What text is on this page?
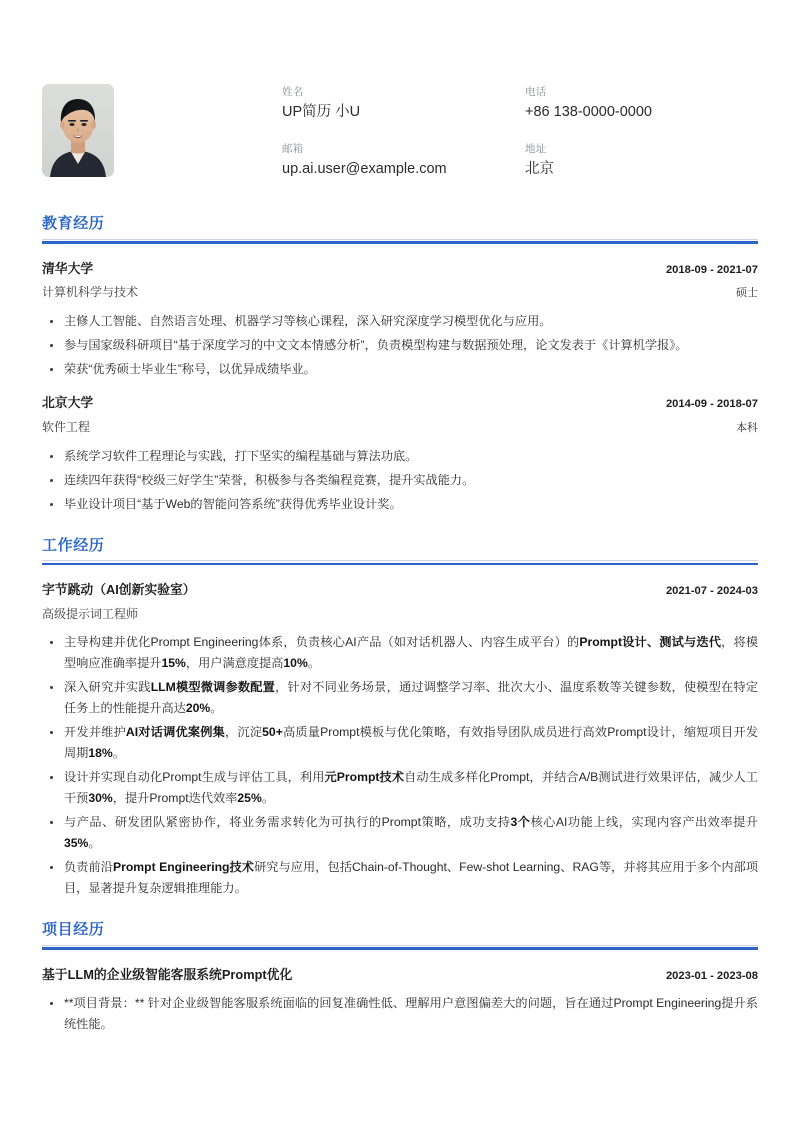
姓名
UP简历 小U
电话
+86 138-0000-0000
邮箱
up.ai.user@example.com
地址
北京
教育经历
清华大学	2018-09 - 2021-07
计算机科学与技术	硕士
主修人工智能、自然语言处理、机器学习等核心课程，深入研究深度学习模型优化与应用。
参与国家级科研项目“基于深度学习的中文文本情感分析”，负责模型构建与数据预处理，论文发表于《计算机学报》。
荣获“优秀硕士毕业生”称号，以优异成绩毕业。
北京大学	2014-09 - 2018-07
软件工程	本科
系统学习软件工程理论与实践，打下坚实的编程基础与算法功底。
连续四年获得“校级三好学生”荣誉，积极参与各类编程竞赛，提升实战能力。
毕业设计项目“基于Web的智能问答系统”获得优秀毕业设计奖。
工作经历
字节跳动（AI创新实验室）	2021-07 - 2024-03
高级提示词工程师
主导构建并优化Prompt Engineering体系，负责核心AI产品（如对话机器人、内容生成平台）的Prompt设计、测试与迭代，将模型响应准确率提升15%，用户满意度提高10%。
深入研究并实践LLM模型微调参数配置，针对不同业务场景，通过调整学习率、批次大小、温度系数等关键参数，使模型在特定任务上的性能提升高达20%。
开发并维护AI对话调优案例集，沉淀50+高质量Prompt模板与优化策略，有效指导团队成员进行高效Prompt设计，缩短项目开发周期18%。
设计并实现自动化Prompt生成与评估工具，利用元Prompt技术自动生成多样化Prompt，并结合A/B测试进行效果评估，减少人工干预30%，提升Prompt迭代效率25%。
与产品、研发团队紧密协作，将业务需求转化为可执行的Prompt策略，成功支持3个核心AI功能上线，实现内容产出效率提升35%。
负责前沿Prompt Engineering技术研究与应用，包括Chain-of-Thought、Few-shot Learning、RAG等，并将其应用于多个内部项目，显著提升复杂逻辑推理能力。
项目经历
基于LLM的企业级智能客服系统Prompt优化	2023-01 - 2023-08
**项目背景：** 针对企业级智能客服系统面临的回复准确性低、理解用户意图偏差大的问题，旨在通过Prompt Engineering提升系统性能。
